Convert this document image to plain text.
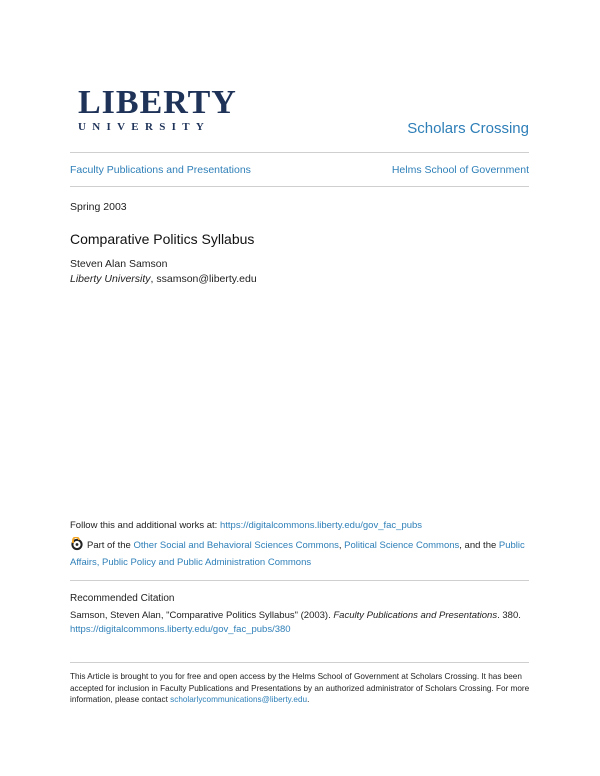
LIBERTY
UNIVERSITY	Scholars Crossing
Faculty Publications and Presentations	Helms School of Government
Spring 2003
Comparative Politics Syllabus
Steven Alan Samson
Liberty University, ssamson@liberty.edu
Follow this and additional works at: https://digitalcommons.liberty.edu/gov_fac_pubs
Part of the Other Social and Behavioral Sciences Commons, Political Science Commons, and the Public Affairs, Public Policy and Public Administration Commons
Recommended Citation
Samson, Steven Alan, "Comparative Politics Syllabus" (2003). Faculty Publications and Presentations. 380.
https://digitalcommons.liberty.edu/gov_fac_pubs/380
This Article is brought to you for free and open access by the Helms School of Government at Scholars Crossing. It has been accepted for inclusion in Faculty Publications and Presentations by an authorized administrator of Scholars Crossing. For more information, please contact scholarlycommunications@liberty.edu.
